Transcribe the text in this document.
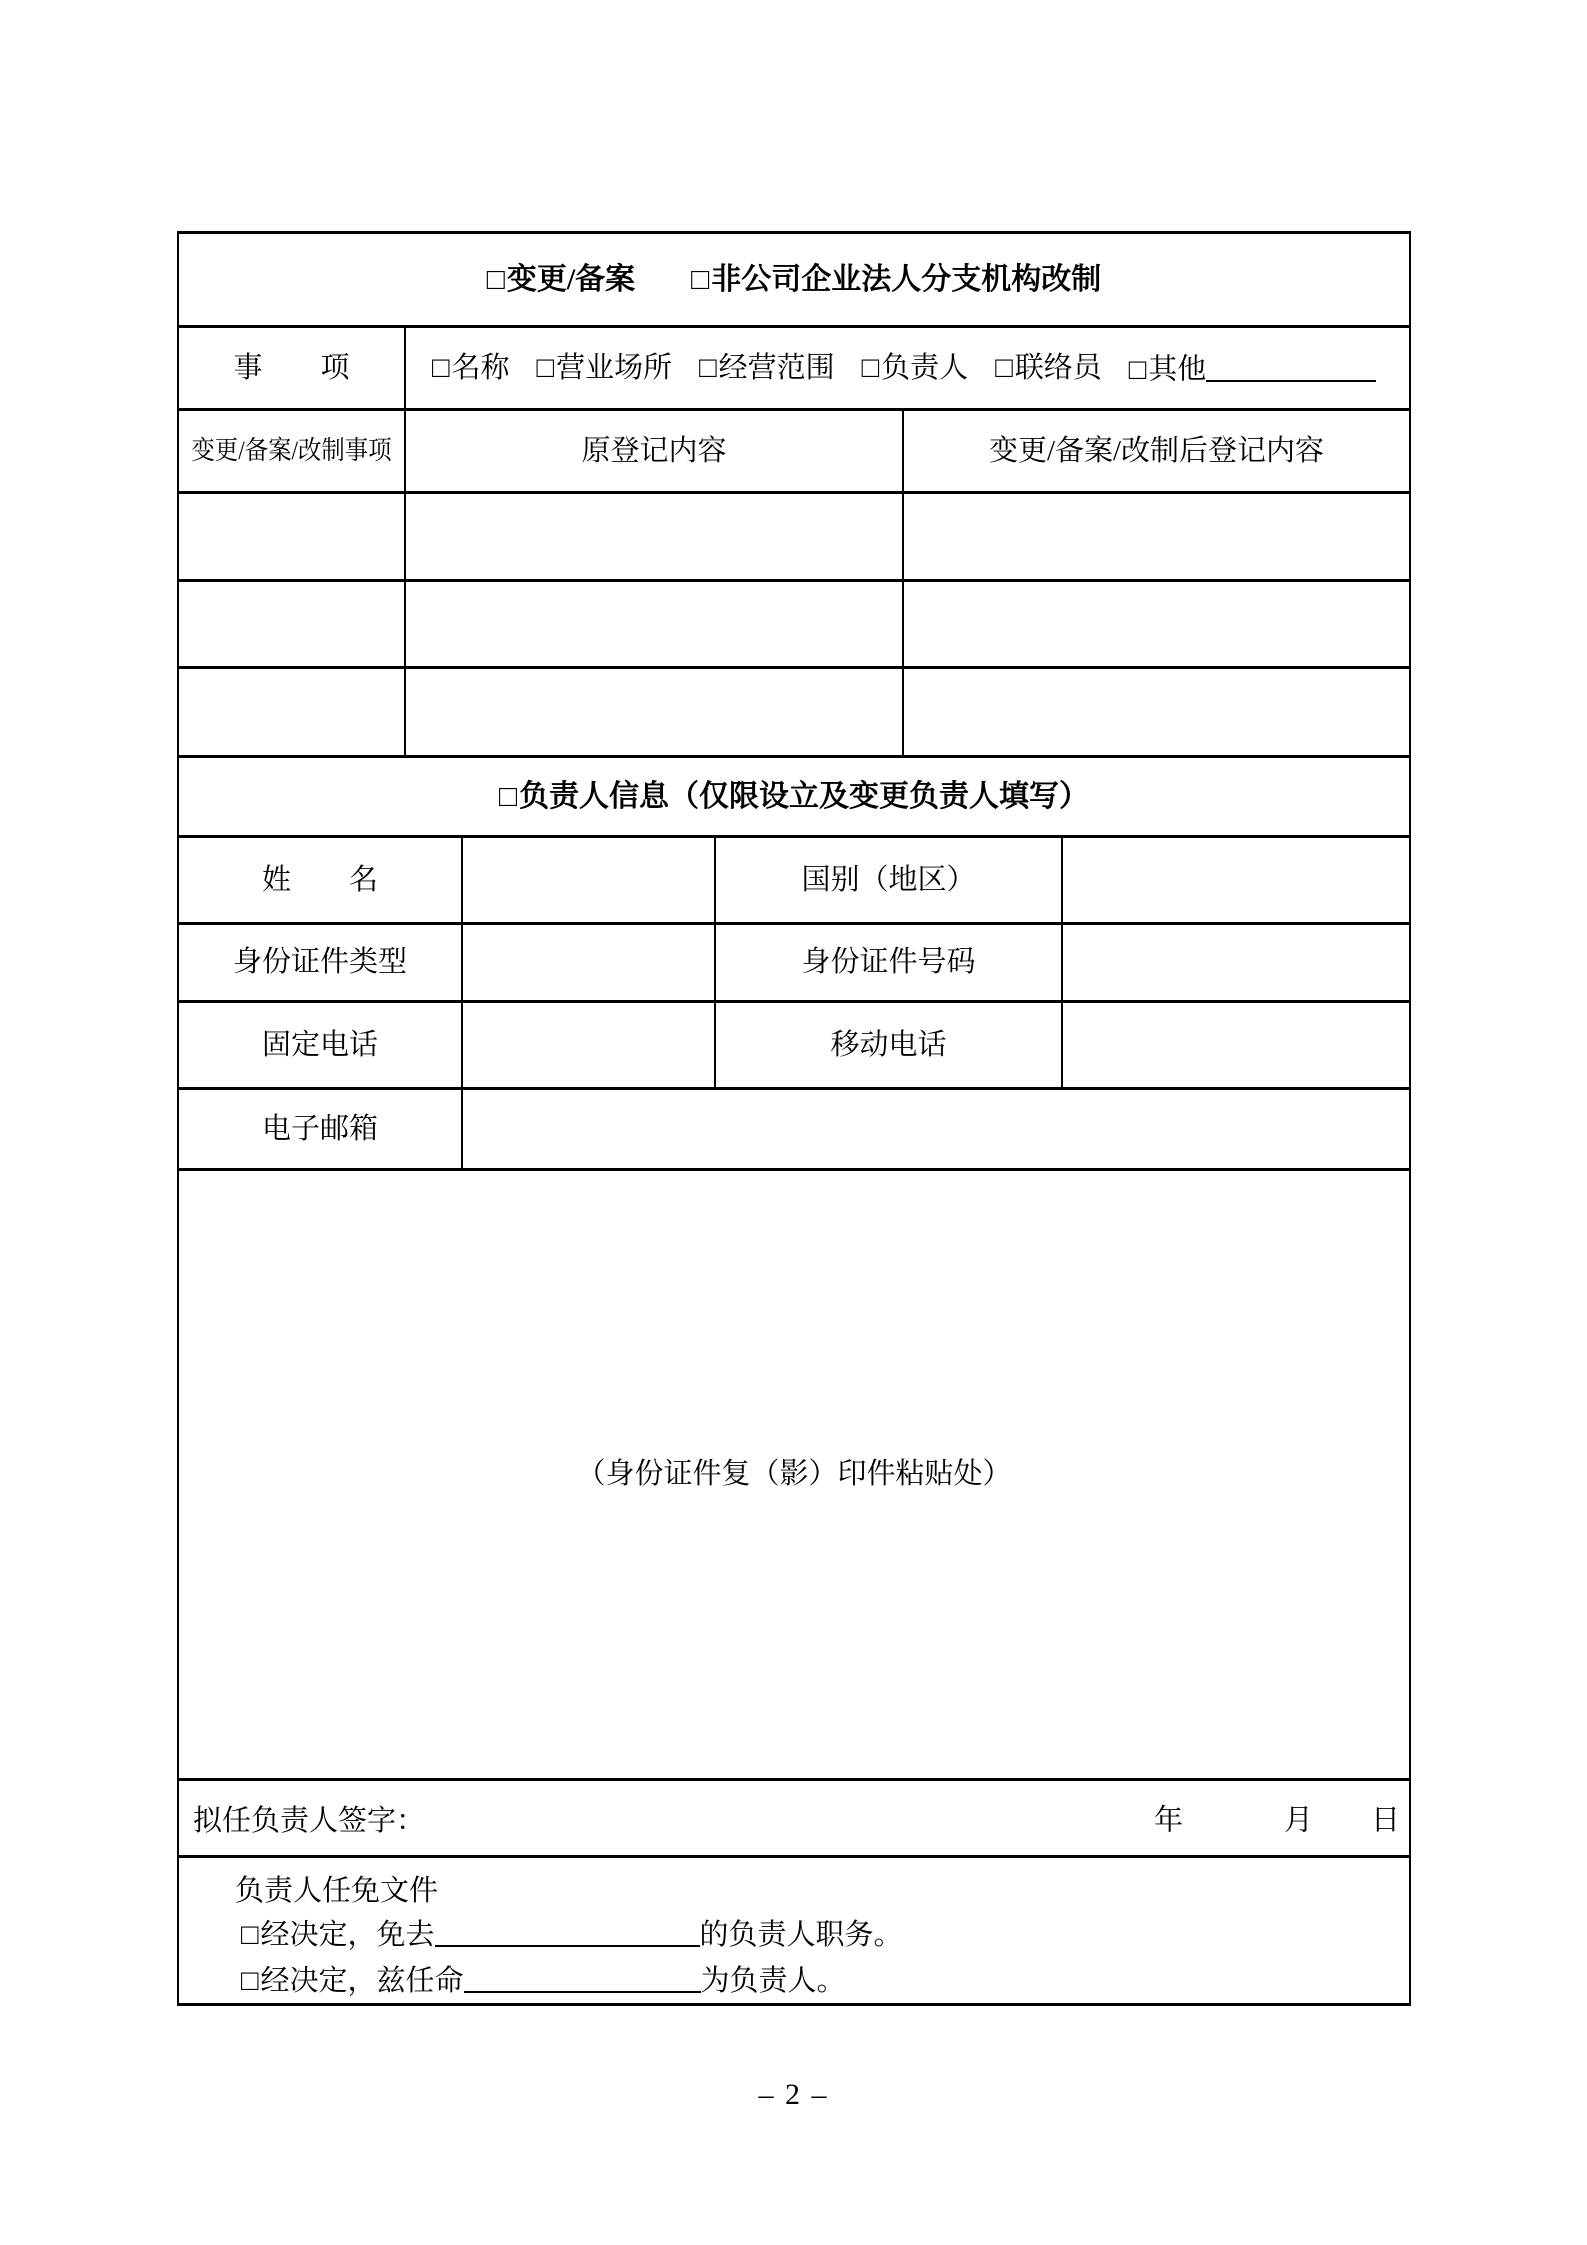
□变更/备案 □非公司企业法人分支机构改制
事　　项	□名称 □营业场所 □经营范围 □负责人 □联络员 □其他
变更/备案/改制事项	原登记内容	变更/备案/改制后登记内容
□负责人信息（仅限设立及变更负责人填写）
姓　　名	国别（地区）
身份证件类型	身份证件号码
固定电话	移动电话
电子邮箱
（身份证件复（影）印件粘贴处）
拟任负责人签字：	年	月 日
负责人任免文件
□经决定，免去	的负责人职务。
□经决定，兹任命	为负责人。
– 2 –
